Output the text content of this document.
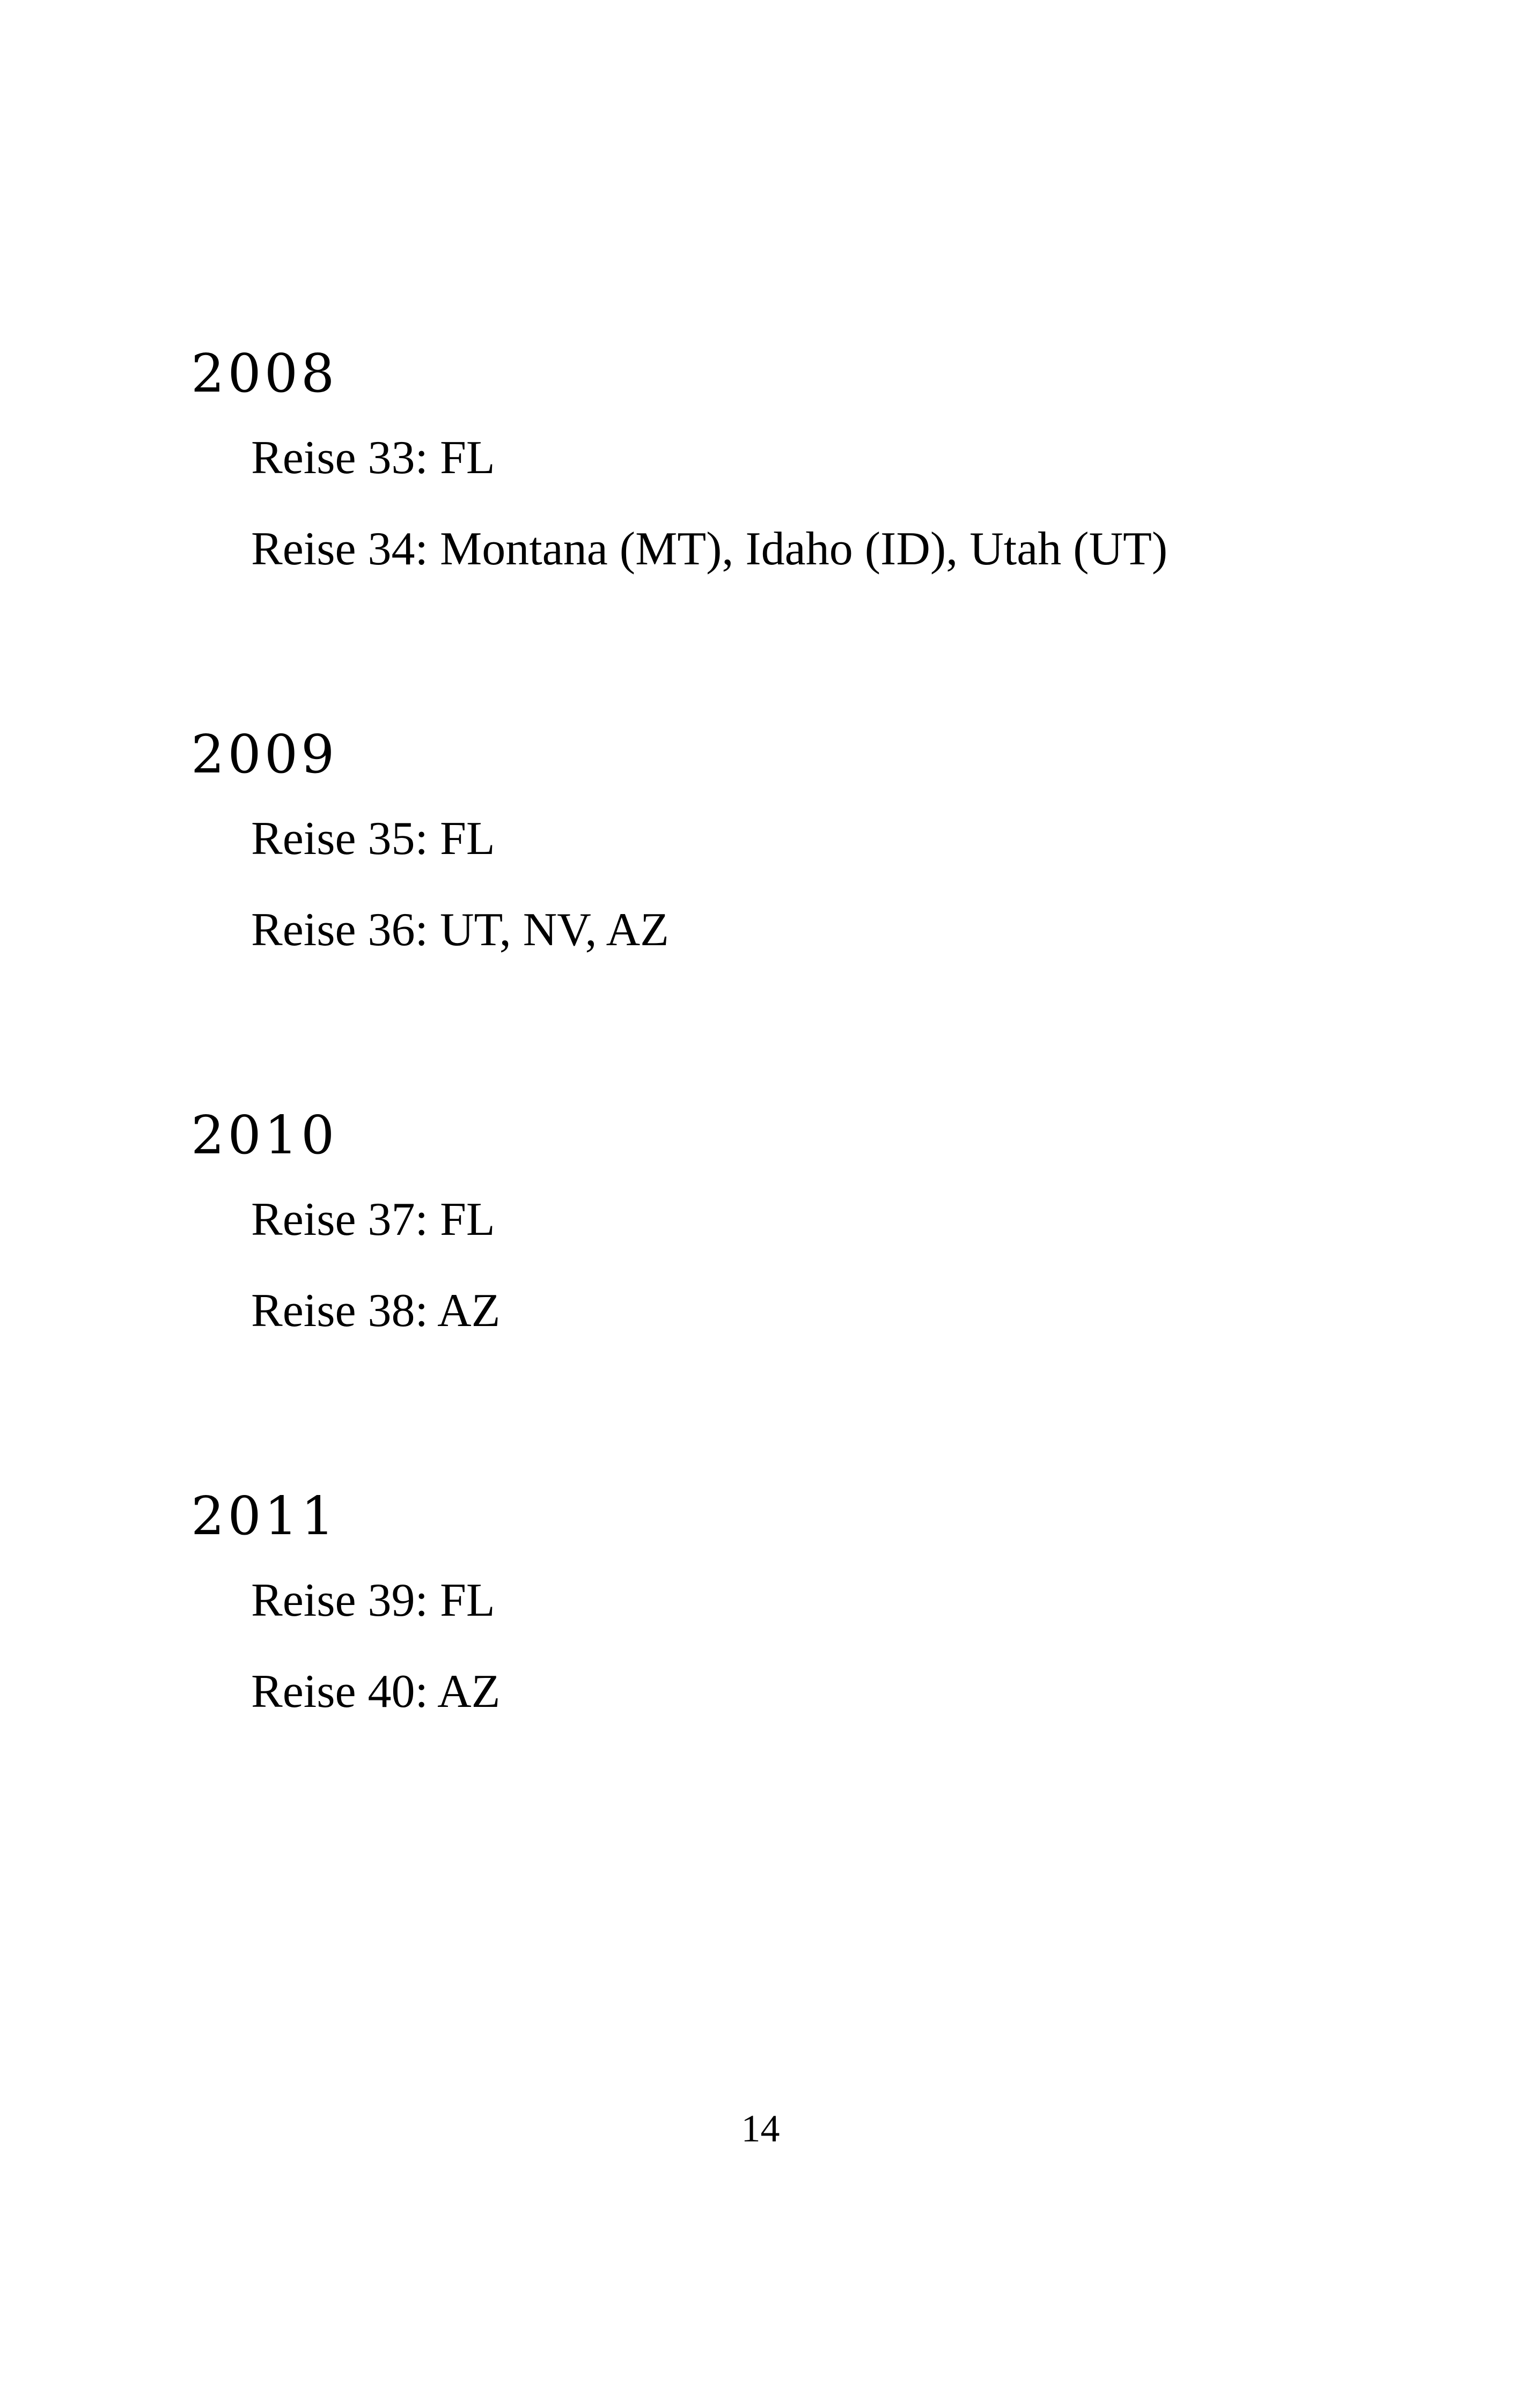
2008

Reise 33: FL

Reise 34: Montana (MT), Idaho (ID), Utah (UT)

2009

Reise 35: FL

Reise 36: UT, NV, AZ

2010

Reise 37: FL

Reise 38: AZ

2011

Reise 39: FL

Reise 40: AZ

14
